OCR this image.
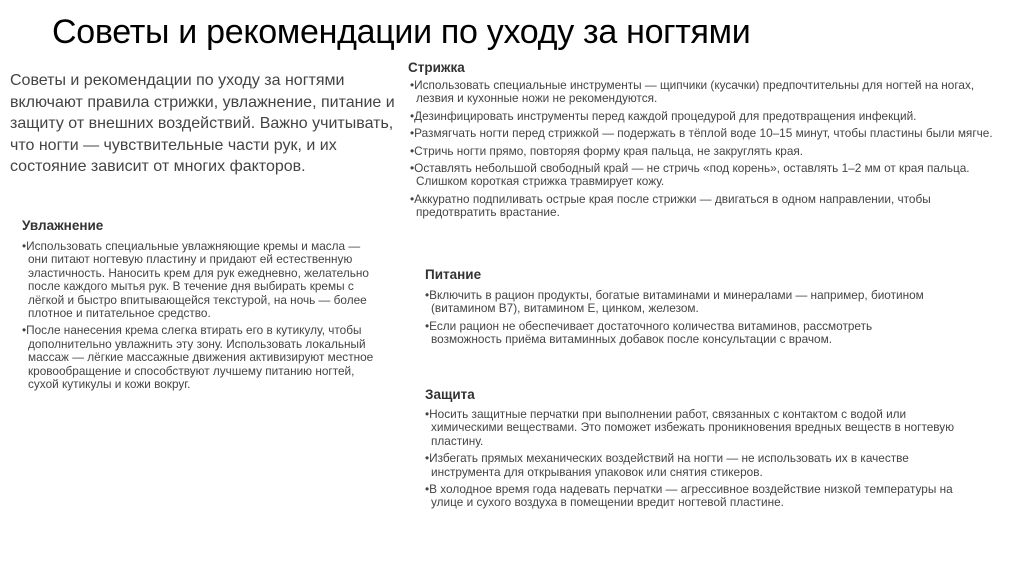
Советы и рекомендации по уходу за ногтями

Советы и рекомендации по уходу за ногтями включают правила стрижки, увлажнение, питание и защиту от внешних воздействий. Важно учитывать, что ногти — чувствительные части рук, и их состояние зависит от многих факторов.

Стрижка
• Использовать специальные инструменты — щипчики (кусачки) предпочтительны для ногтей на ногах, лезвия и кухонные ножи не рекомендуются.
• Дезинфицировать инструменты перед каждой процедурой для предотвращения инфекций.
• Размягчать ногти перед стрижкой — подержать в тёплой воде 10–15 минут, чтобы пластины были мягче.
• Стричь ногти прямо, повторяя форму края пальца, не закруглять края.
• Оставлять небольшой свободный край — не стричь «под корень», оставлять 1–2 мм от края пальца. Слишком короткая стрижка травмирует кожу.
• Аккуратно подпиливать острые края после стрижки — двигаться в одном направлении, чтобы предотвратить врастание.
Увлажнение
• Использовать специальные увлажняющие кремы и масла — они питают ногтевую пластину и придают ей естественную эластичность. Наносить крем для рук ежедневно, желательно после каждого мытья рук. В течение дня выбирать кремы с лёгкой и быстро впитывающейся текстурой, на ночь — более плотное и питательное средство.
• После нанесения крема слегка втирать его в кутикулу, чтобы дополнительно увлажнить эту зону. Использовать локальный массаж — лёгкие массажные движения активизируют местное кровообращение и способствуют лучшему питанию ногтей, сухой кутикулы и кожи вокруг.
Питание
• Включить в рацион продукты, богатые витаминами и минералами — например, биотином (витамином B7), витамином E, цинком, железом.
• Если рацион не обеспечивает достаточного количества витаминов, рассмотреть возможность приёма витаминных добавок после консультации с врачом.
Защита
• Носить защитные перчатки при выполнении работ, связанных с контактом с водой или химическими веществами. Это поможет избежать проникновения вредных веществ в ногтевую пластину.
• Избегать прямых механических воздействий на ногти — не использовать их в качестве инструмента для открывания упаковок или снятия стикеров.
• В холодное время года надевать перчатки — агрессивное воздействие низкой температуры на улице и сухого воздуха в помещении вредит ногтевой пластине.
